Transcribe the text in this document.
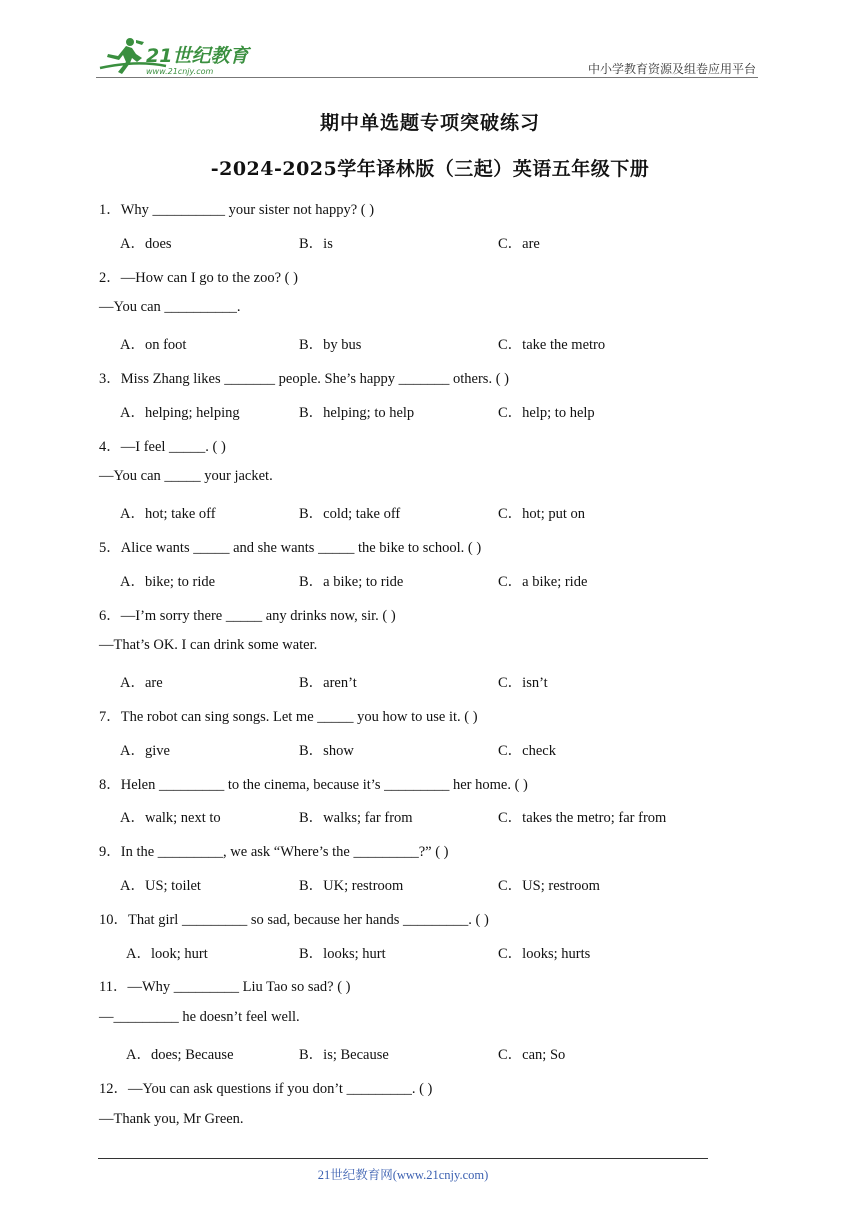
21世纪教育
www.21cnjy.com	中小学教育资源及组卷应用平台
期中单选题专项突破练习
-2024-2025学年译林版（三起）英语五年级下册
1．Why __________ your sister not happy? ( )
A．does	B．is	C．are
2．—How can I go to the zoo? ( )
—You can __________.
A．on foot	B．by bus	C．take the metro
3．Miss Zhang likes _______ people. She’s happy _______ others. ( )
A．helping; helping	B．helping; to help	C．help; to help
4．—I feel _____. ( )
—You can _____ your jacket.
A．hot; take off	B．cold; take off	C．hot; put on
5．Alice wants _____ and she wants _____ the bike to school. ( )
A．bike; to ride	B．a bike; to ride	C．a bike; ride
6．—I’m sorry there _____ any drinks now, sir. ( )
—That’s OK. I can drink some water.
A．are	B．aren’t	C．isn’t
7．The robot can sing songs. Let me _____ you how to use it. ( )
A．give	B．show	C．check
8．Helen _________ to the cinema, because it’s _________ her home. ( )
A．walk; next to	B．walks; far from	C．takes the metro; far from
9．In the _________, we ask “Where’s the _________?” ( )
A．US; toilet	B．UK; restroom	C．US; restroom
10．That girl _________ so sad, because her hands _________. ( )
A．look; hurt	B．looks; hurt	C．looks; hurts
11．—Why _________ Liu Tao so sad? ( )
—_________ he doesn’t feel well.
A．does; Because	B．is; Because	C．can; So
12．—You can ask questions if you don’t _________. ( )
—Thank you, Mr Green.
21世纪教育网(www.21cnjy.com)
